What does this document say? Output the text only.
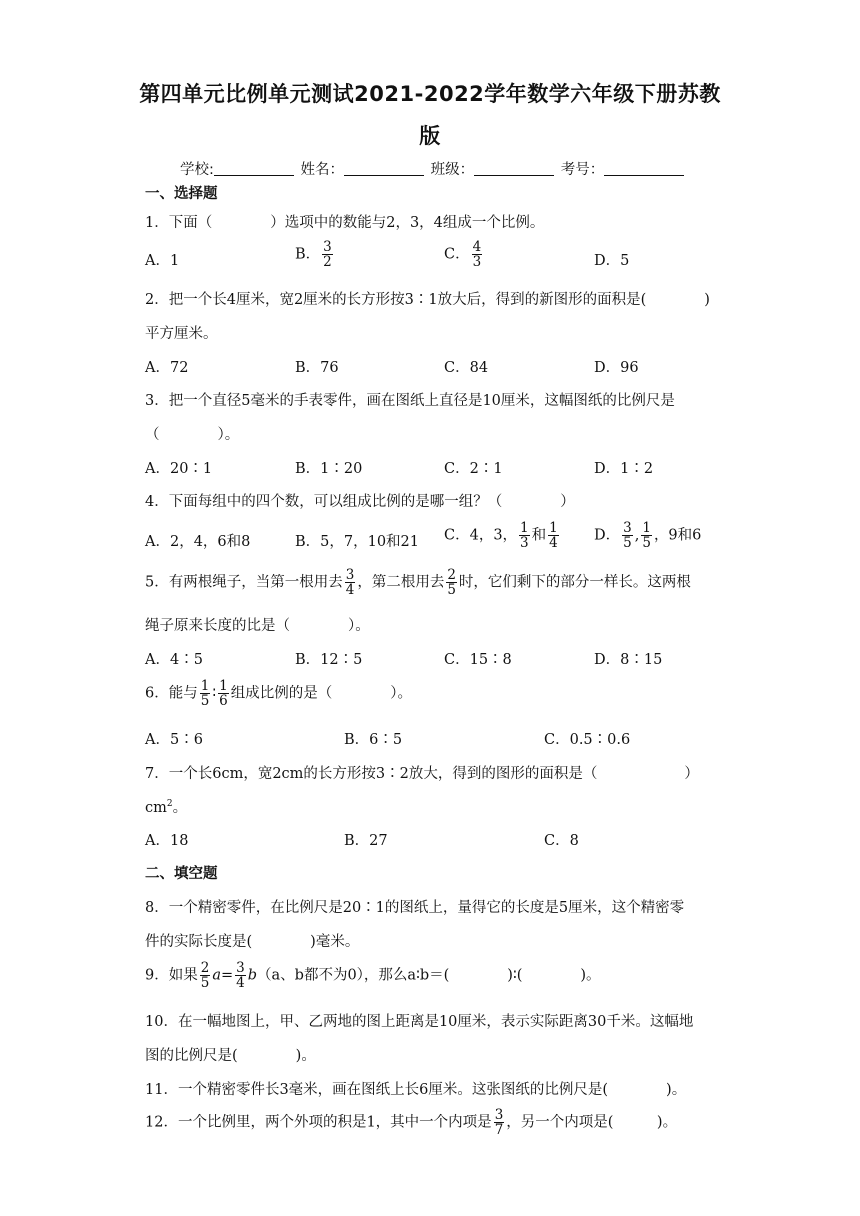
第四单元比例单元测试2021-2022学年数学六年级下册苏教
版
学校:	姓名：	班级：	考号：
一、选择题
1．下面（　　　　）选项中的数能与2，3，4组成一个比例。
A．1	B． $\frac{3}{2}$	C． $\frac{4}{3}$	D．5
2．把一个长4厘米，宽2厘米的长方形按3∶1放大后，得到的新图形的面积是(　　　　)
平方厘米。
A．72	B．76	C．84	D．96
3．把一个直径5毫米的手表零件，画在图纸上直径是10厘米，这幅图纸的比例尺是
（　　　　）。
A．20∶1	B．1∶20	C．2∶1	D．1∶2
4．下面每组中的四个数，可以组成比例的是哪一组？（　　　　）
A．2，4，6和8	B．5，7，10和21 C．4，3， $\frac{1}{3}$ 和 $\frac{1}{4}$ D． $\frac{3}{5}$ , $\frac{1}{5}$ ，9和6
5．有两根绳子，当第一根用去 $\frac{3}{4}$ ，第二根用去 $\frac{2}{5}$ 时，它们剩下的部分一样长。这两根
绳子原来长度的比是（　　　　）。
A．4∶5	B．12∶5	C．15∶8	D．8∶15
6．能与 $\frac{1}{5}$ ∶ $\frac{1}{6}$ 组成比例的是（　　　　）。
A．5∶6	B．6∶5	C．0.5∶0.6
7．一个长6cm，宽2cm的长方形按3∶2放大，得到的图形的面积是（　　　　　　）
$cm^2$。
A．18	B．27	C．8
二、填空题
8．一个精密零件，在比例尺是20∶1的图纸上，量得它的长度是5厘米，这个精密零
件的实际长度是(　　　　)毫米。
9．如果 $\frac{2}{5} a= \frac{3}{4} b(a$、b都不为0），那么a∶b＝(　　　　)∶(　　　　)。
10．在一幅地图上，甲、乙两地的图上距离是10厘米，表示实际距离30千米。这幅地
图的比例尺是(　　　　)。
11．一个精密零件长3毫米，画在图纸上长6厘米。这张图纸的比例尺是(　　　　)。
12．一个比例里，两个外项的积是1，其中一个内项是 $\frac{3}{7}$ ，另一个内项是(　　　)。
